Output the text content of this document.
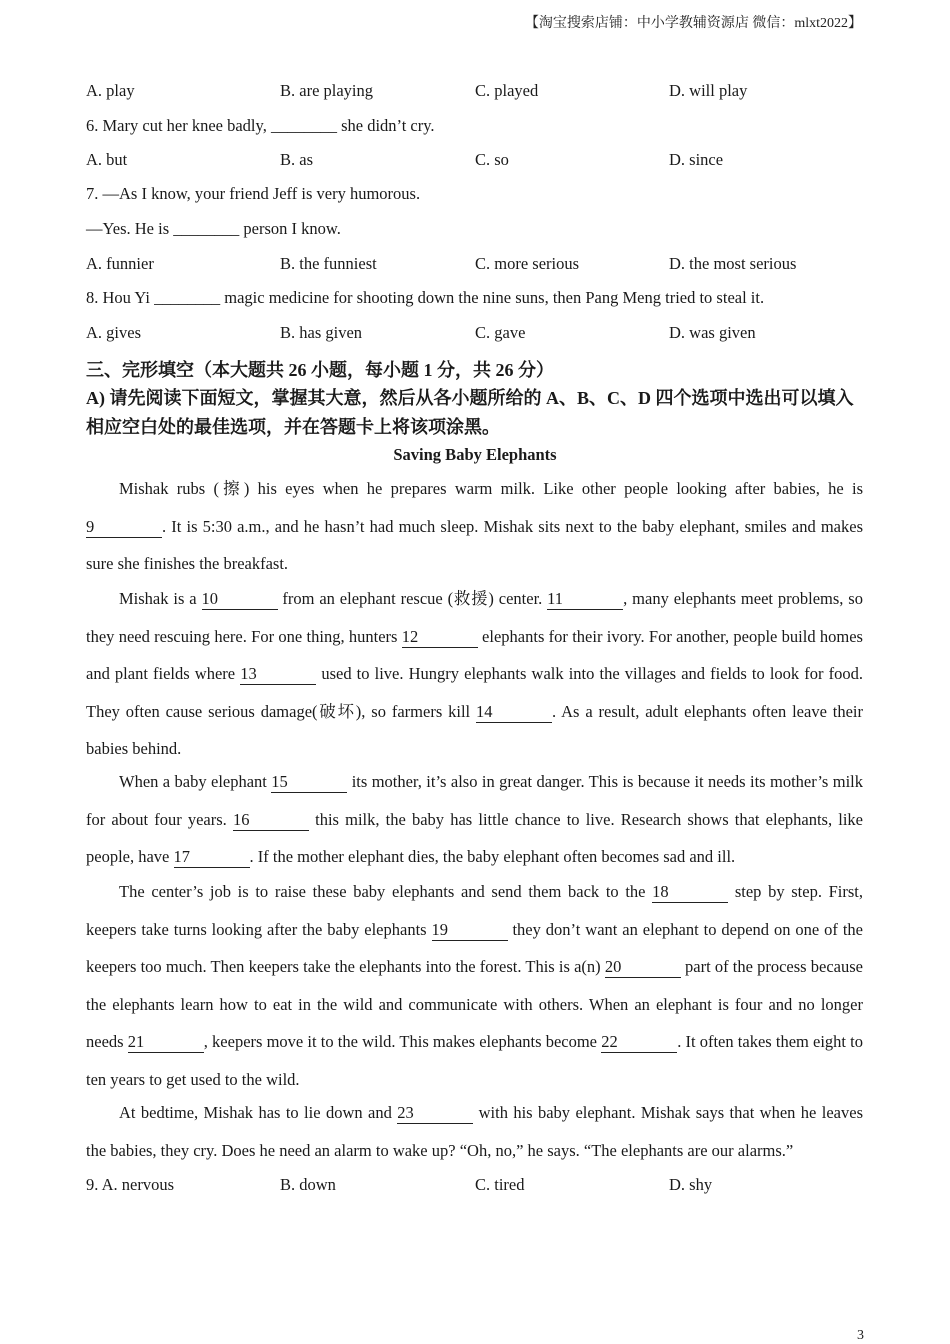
【淘宝搜索店铺：中小学教辅资源店 微信：mlxt2022】
A. play	B. are playing	C. played	D. will play
6. Mary cut her knee badly, ________ she didn’t cry.
A. but	B. as	C. so	D. since
7. —As I know, your friend Jeff is very humorous.
—Yes. He is ________ person I know.
A. funnier	B. the funniest	C. more serious	D. the most serious
8. Hou Yi ________ magic medicine for shooting down the nine suns, then Pang Meng tried to steal it.
A. gives	B. has given	C. gave	D. was given
三、完形填空（本大题共 26 小题，每小题 1 分，共 26 分）
A) 请先阅读下面短文，掌握其大意，然后从各小题所给的 A、B、C、D 四个选项中选出可以填入相应空白处的最佳选项，并在答题卡上将该项涂黑。
Saving Baby Elephants
Mishak rubs (擦) his eyes when he prepares warm milk. Like other people looking after babies, he is 9	. It is 5:30 a.m., and he hasn’t had much sleep. Mishak sits next to the baby elephant, smiles and makes sure she finishes the breakfast.
Mishak is a 10	from an elephant rescue (救援) center. 11	, many elephants meet problems, so they need rescuing here. For one thing, hunters 12	elephants for their ivory. For another, people build homes and plant fields where 13	used to live. Hungry elephants walk into the villages and fields to look for food. They often cause serious damage(破坏), so farmers kill 14	. As a result, adult elephants often leave their babies behind.
When a baby elephant 15	its mother, it’s also in great danger. This is because it needs its mother’s milk for about four years. 16	this milk, the baby has little chance to live. Research shows that elephants, like people, have 17	. If the mother elephant dies, the baby elephant often becomes sad and ill.
The center’s job is to raise these baby elephants and send them back to the 18	step by step. First, keepers take turns looking after the baby elephants 19	they don’t want an elephant to depend on one of the keepers too much. Then keepers take the elephants into the forest. This is a(n) 20	part of the process because the elephants learn how to eat in the wild and communicate with others. When an elephant is four and no longer needs 21	, keepers move it to the wild. This makes elephants become 22	. It often takes them eight to ten years to get used to the wild.
At bedtime, Mishak has to lie down and 23	with his baby elephant. Mishak says that when he leaves the babies, they cry. Does he need an alarm to wake up? “Oh, no,” he says. “The elephants are our alarms.”
9. A. nervous	B. down	C. tired	D. shy
3
